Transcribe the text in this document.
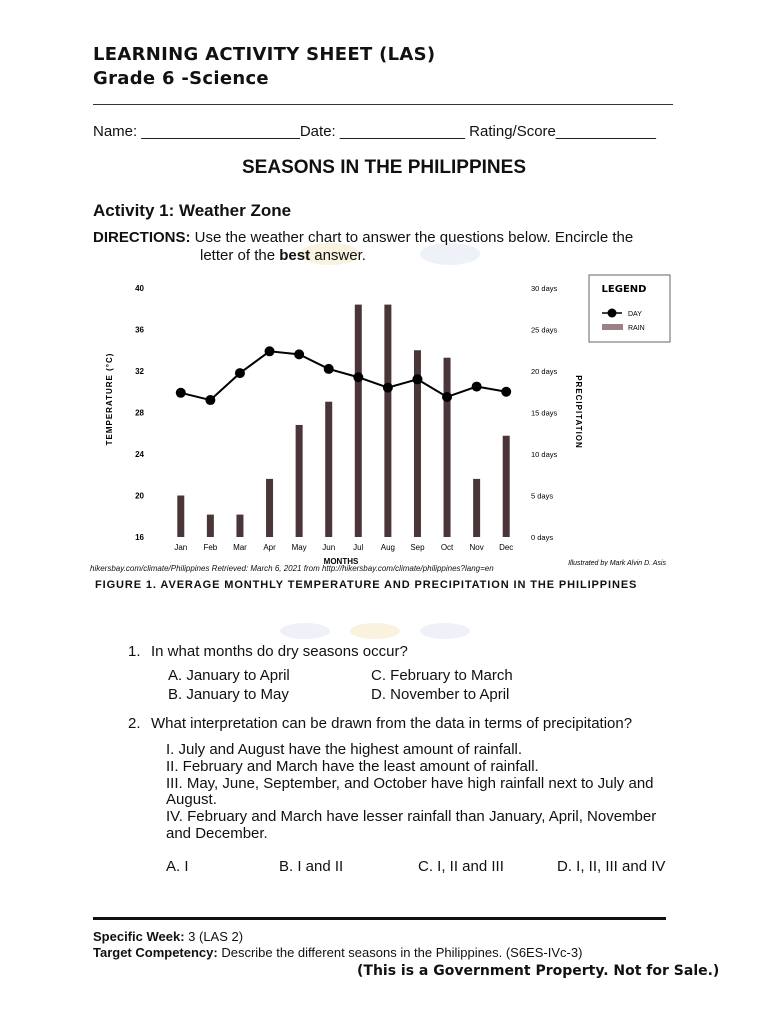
LEARNING ACTIVITY SHEET (LAS)
Grade 6 -Science
Name: ___________________Date: _______________ Rating/Score____________
SEASONS IN THE PHILIPPINES
Activity 1: Weather Zone
DIRECTIONS: Use the weather chart to answer the questions below. Encircle the
letter of the best answer.
40
36
32
28
24
20
16
30 days
25 days
20 days
15 days
10 days
5 days
0 days
Jan Feb Mar Apr May Jun Jul Aug Sep Oct Nov Dec
TEMPERATURE (°C)	PRECIPITATION
MONTHS
LEGEND
DAY
RAIN
Illustrated by Mark Alvin D. Asis
hikersbay.com/climate/Philippines Retrieved: March 6, 2021 from http://hikersbay.com/climate/philippines?lang=en
FIGURE 1. AVERAGE MONTHLY TEMPERATURE AND PRECIPITATION IN THE PHILIPPINES
1. In what months do dry seasons occur?
A. January to April	C. February to March
B. January to May	D. November to April
2. What interpretation can be drawn from the data in terms of precipitation?
I. July and August have the highest amount of rainfall.
II. February and March have the least amount of rainfall.
III. May, June, September, and October have high rainfall next to July and
August.
IV. February and March have lesser rainfall than January, April, November
and December.
A. I	B. I and II	C. I, II and III	D. I, II, III and IV
Specific Week: 3 (LAS 2)
Target Competency: Describe the different seasons in the Philippines. (S6ES-IVc-3)
(This is a Government Property. Not for Sale.)
